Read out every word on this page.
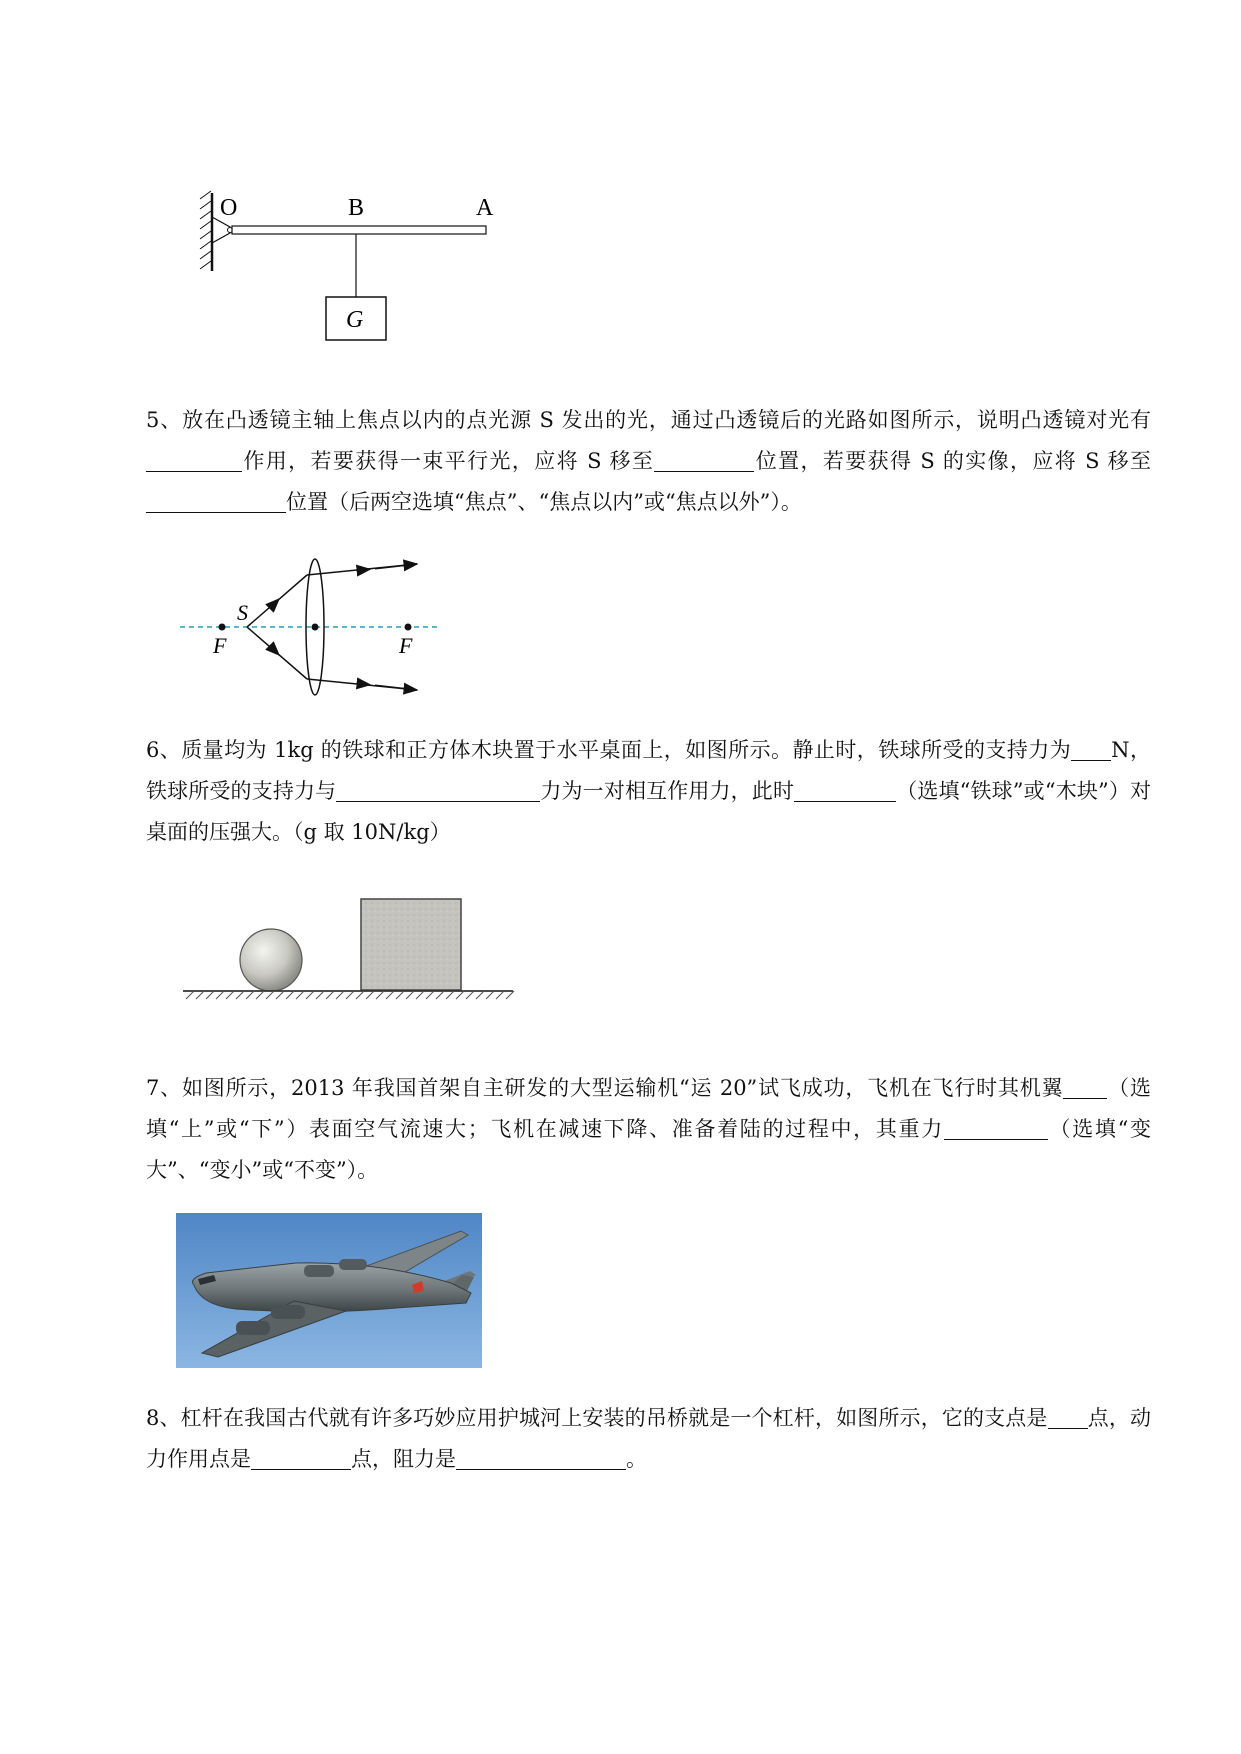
O	B	A
G
5、放在凸透镜主轴上焦点以内的点光源 S 发出的光，通过凸透镜后的光路如图所示，说明凸透镜对光有作用，若要获得一束平行光，应将 S 移至	位置，若要获得 S 的实像，应将 S 移至位置（后两空选填“焦点”、“焦点以内”或“焦点以外”）。
S
F	F
6、质量均为 1kg 的铁球和正方体木块置于水平桌面上，如图所示。静止时，铁球所受的支持力为 N，铁球所受的支持力与	力为一对相互作用力，此时	（选填“铁球”或“木块”）对桌面的压强大。（g 取 10N/kg）
7、如图所示，2013 年我国首架自主研发的大型运输机“运 20”试飞成功，飞机在飞行时其机翼 （选填“上”或“下”）表面空气流速大；飞机在减速下降、准备着陆的过程中，其重力	（选填“变大”、“变小”或“不变”）。
8、杠杆在我国古代就有许多巧妙应用护城河上安装的吊桥就是一个杠杆，如图所示，它的支点是 点，动力作用点是	点，阻力是	。
